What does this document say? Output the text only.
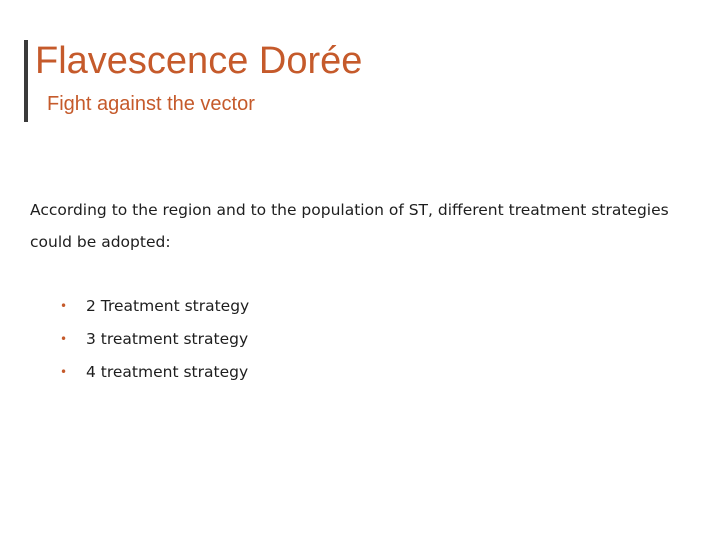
Flavescence Dorée
Fight against the vector

According to the region and to the population of ST, different treatment strategies could be adopted:

• 2 Treatment strategy
• 3 treatment strategy
• 4 treatment strategy
